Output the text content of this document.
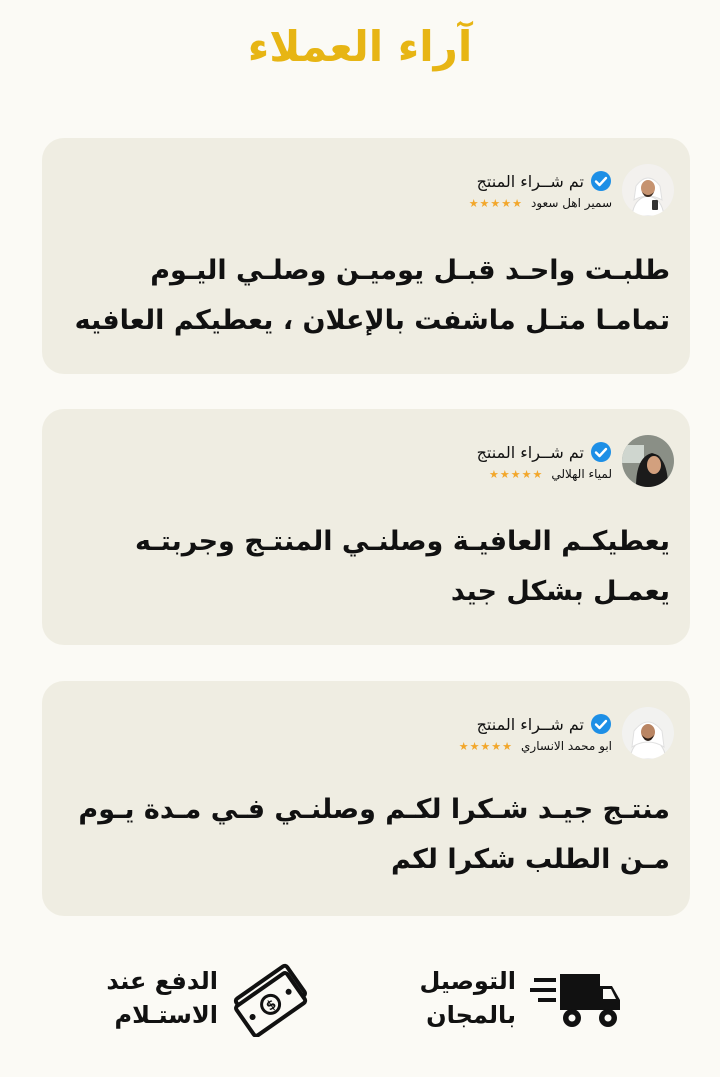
آراء العملاء
تم شــراء المنتج
سمير اهل سعود
★★★★★
طلبـت واحـد قبـل يوميـن وصلـي اليـوم تمامـا متـل ماشفت بالإعلان ، يعطيكم العافيه
تم شــراء المنتج
لمياء الهلالي
★★★★★
يعطيكـم العافيـة وصلنـي المنتـج وجربتـه يعمـل بشكل جيد
تم شــراء المنتج
ابو محمد الانساري
★★★★★
منتـج جيـد شـكرا لكـم وصلنـي فـي مـدة يـوم مـن الطلب شكرا لكم
التوصيل
بالمجان
$
الدفع عند
الاستـلام
